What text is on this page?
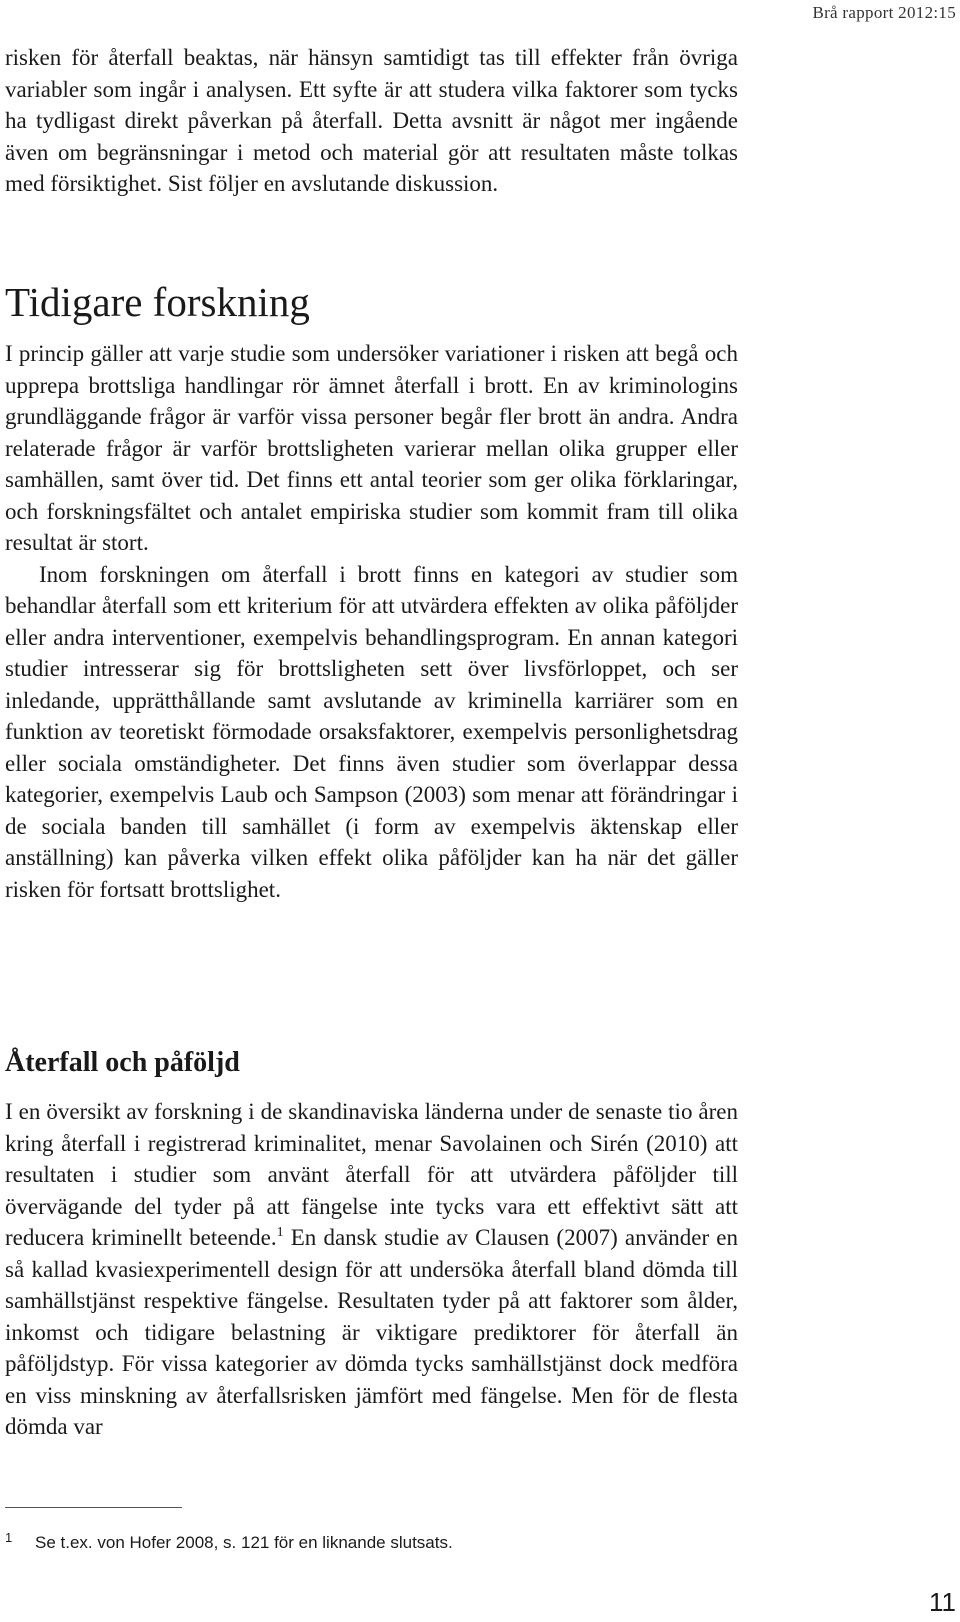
Brå rapport 2012:15

risken för återfall beaktas, när hänsyn samtidigt tas till effekter från övriga variabler som ingår i analysen. Ett syfte är att studera vilka faktorer som tycks ha tydligast direkt påverkan på återfall. Detta avsnitt är något mer ingående även om begränsningar i metod och material gör att resultaten måste tolkas med försiktighet. Sist följer en avslutande diskussion.

Tidigare forskning

I princip gäller att varje studie som undersöker variationer i risken att begå och upprepa brottsliga handlingar rör ämnet återfall i brott. En av kriminologins grundläggande frågor är varför vissa personer begår fler brott än andra. Andra relaterade frågor är varför brottsligheten varierar mellan olika grupper eller samhällen, samt över tid. Det finns ett antal teorier som ger olika förklaringar, och forskningsfältet och antalet empiriska studier som kommit fram till olika resultat är stort.

Inom forskningen om återfall i brott finns en kategori av studier som behandlar återfall som ett kriterium för att utvärdera effekten av olika påföljder eller andra interventioner, exempelvis behandlingsprogram. En annan kategori studier intresserar sig för brottsligheten sett över livsförloppet, och ser inledande, upprätthållande samt avslutande av kriminella karriärer som en funktion av teoretiskt förmodade orsaksfaktorer, exempelvis personlighetsdrag eller sociala omständigheter. Det finns även studier som överlappar dessa kategorier, exempelvis Laub och Sampson (2003) som menar att förändringar i de sociala banden till samhället (i form av exempelvis äktenskap eller anställning) kan påverka vilken effekt olika påföljder kan ha när det gäller risken för fortsatt brottslighet.

Återfall och påföljd

I en översikt av forskning i de skandinaviska länderna under de senaste tio åren kring återfall i registrerad kriminalitet, menar Savolainen och Sirén (2010) att resultaten i studier som använt återfall för att utvärdera påföljder till övervägande del tyder på att fängelse inte tycks vara ett effektivt sätt att reducera kriminellt beteende.$^1$ En dansk studie av Clausen (2007) använder en så kallad kvasiexperimentell design för att undersöka återfall bland dömda till samhällstjänst respektive fängelse. Resultaten tyder på att faktorer som ålder, inkomst och tidigare belastning är viktigare prediktorer för återfall än påföljdstyp. För vissa kategorier av dömda tycks samhällstjänst dock medföra en viss minskning av återfallsrisken jämfört med fängelse. Men för de flesta dömda var

1 Se t.ex. von Hofer 2008, s. 121 för en liknande slutsats.
11
